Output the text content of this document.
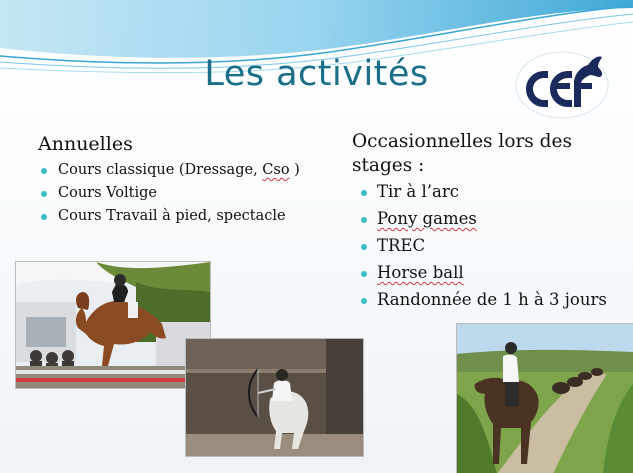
Les activités
Annuelles
Cours classique (Dressage, Cso )
Cours Voltige
Cours Travail à pied, spectacle
Occasionnelles lors des stages :
Tir à l’arc
Pony games
TREC
Horse ball
Randonnée de 1 h à 3 jours
